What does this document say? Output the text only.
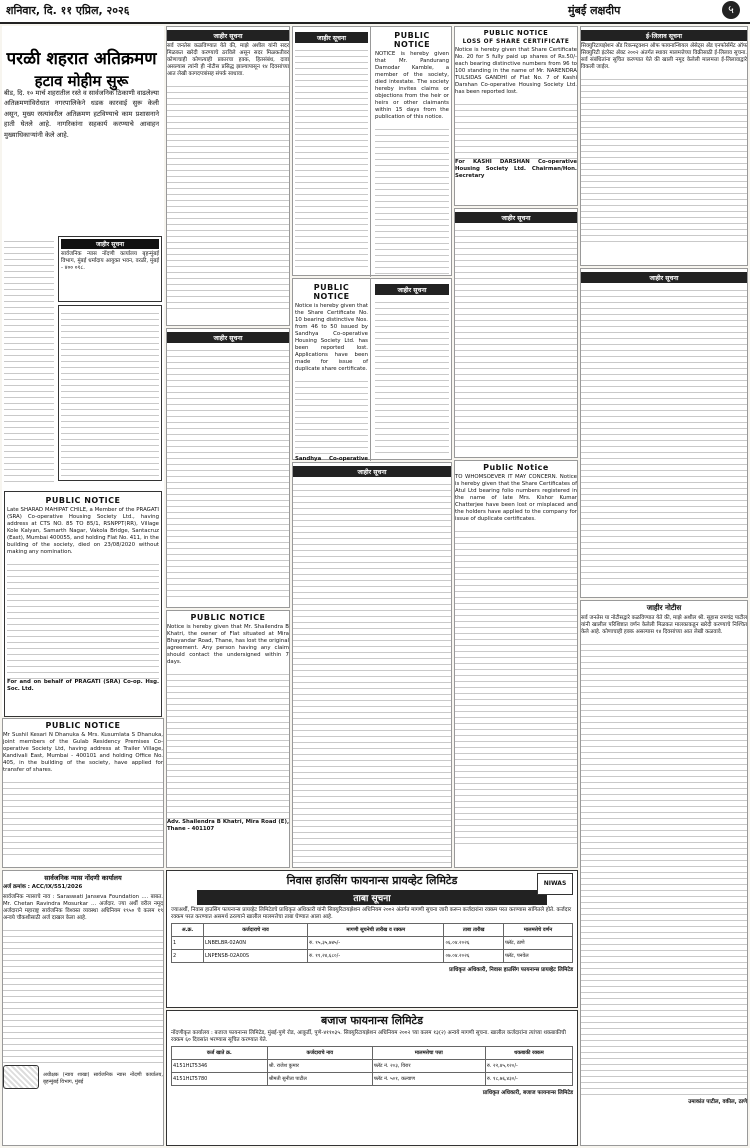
शनिवार, दि. ११ एप्रिल, २०२६	मुंबई लक्षदीप	५
परळी शहरात अतिक्रमण
हटाव मोहीम सुरू
बीड, दि. १० मार्च शहरातील रस्ते व सार्वजनिक ठिकाणी वाढलेल्या अतिक्रमणांविरोधात नगरपालिकेने धडक कारवाई सुरू केली असून, मुख्य रस्त्यांवरील अतिक्रमण हटविण्याचे काम प्रशासनाने हाती घेतले आहे. नागरिकांना सहकार्य करण्याचे आवाहन मुख्याधिकाऱ्यांनी केले आहे.
जाहीर सूचना

सार्वजनिक न्यास नोंदणी कार्यालय बृहन्मुंबई विभाग, मुंबई धर्मादाय आयुक्त भवन, वरळी, मुंबई - ४०० ०१८.

PUBLIC NOTICE

Late SHARAD MAHIPAT CHILE, a Member of the PRAGATI (SRA) Co-operative Housing Society Ltd., having address at CTS NO. 85 TO 85/1, RSNPPT(RR), Village Kole Kalyan, Samarth Nagar, Vakola Bridge, Santacruz (East), Mumbai 400055, and holding Flat No. 411, in the building of the society, died on 23/08/2020 without making any nomination.

For and on behalf of PRAGATI (SRA) Co-op. Hsg. Soc. Ltd.

PUBLIC NOTICE

Mr Sushil Kesari N Dhanuka & Mrs. Kusumlata S Dhanuka, joint members of the Gulab Residency Premises Co-operative Society Ltd, having address at Trailer Village, Kandivali East, Mumbai - 400101 and holding Office No. 405, in the building of the society, have applied for transfer of shares.

जाहीर सूचना

सर्व जनतेस कळविण्यात येते की, माझे अशील यांनी सदर मिळकत खरेदी करण्याचे ठरविले असून सदर मिळकतीवर कोणाचाही कोणत्याही प्रकारचा हक्क, हितसंबंध, दावा असल्यास त्यांनी ही नोटीस प्रसिद्ध झाल्यापासून १४ दिवसांच्या आत लेखी कागदपत्रांसह संपर्क साधावा.

जाहीर सूचना
PUBLIC NOTICE

Notice is hereby given that Mr. Shailendra B Khatri, the owner of Flat situated at Mira Bhayandar Road, Thane, has lost the original agreement. Any person having any claim should contact the undersigned within 7 days.

Adv. Shailendra B Khatri, Mira Road (E), Thane - 401107

जाहीर सूचना	PUBLIC NOTICE

NOTICE is hereby given that Mr. Pandurang Damodar Kamble, a member of the society, died intestate. The society hereby invites claims or objections from the heir or heirs or other claimants within 15 days from the publication of this notice.

PUBLIC NOTICE

Notice is hereby given that the Share Certificate No. 10 bearing distinctive Nos. from 46 to 50 issued by Sandhya Co-operative Housing Society Ltd. has been reported lost. Applications have been made for issue of duplicate share certificate.

Sandhya Co-operative

जाहीर सूचना
जाहीर सूचना
PUBLIC NOTICE
LOSS OF SHARE CERTIFICATE

Notice is hereby given that Share Certificate No. 20 for 5 fully paid up shares of Rs.50/- each bearing distinctive numbers from 96 to 100 standing in the name of Mr. NARENDRA TULSIDAS GANDHI of Flat No. 7 of Kashi Darshan Co-operative Housing Society Ltd. has been reported lost.

For KASHI DARSHAN Co-operative Housing Society Ltd. Chairman/Hon. Secretary

जाहीर सूचना
Public Notice

TO WHOMSOEVER IT MAY CONCERN. Notice is hereby given that the Share Certificates of Atul Ltd bearing folio numbers registered in the name of late Mrs. Kishor Kumar Chatterjee have been lost or misplaced and the holders have applied to the company for issue of duplicate certificates.

ई-लिलाव सूचना

सिक्युरिटायझेशन अँड रिकन्स्ट्रक्शन ऑफ फायनान्शियल ॲसेट्स अँड एनफोर्समेंट ऑफ सिक्युरिटी इंटरेस्ट ॲक्ट २००२ अंतर्गत स्थावर मालमत्तेच्या विक्रीसाठी ई-लिलाव सूचना. सर्व संबंधितांना सूचित करण्यात येते की खाली नमूद केलेली मालमत्ता ई-लिलावाद्वारे विकली जाईल.

जाहीर सूचना
जाहीर नोटीस

सर्व जनतेस या नोटीसद्वारे कळविण्यात येते की, माझे अशील श्री. सुहास रामचंद्र पाटील यांनी खालील परिशिष्टात वर्णन केलेली मिळकत मालकाकडून खरेदी करण्याचे निश्चित केले आहे. कोणाचाही हक्क असल्यास १४ दिवसांच्या आत लेखी कळवावे.

उमाकांत पाटील, वकील, ठाणे

सार्वजनिक न्यास नोंदणी कार्यालय

अर्ज क्रमांक : ACC/IX/551/2026

सार्वजनिक न्यासाचे नाव : Saraswati Janseva Foundation .... बाबत. Mr. Chetan Ravindra Mosurkar ... अर्जदार. ज्या अर्थी वरील नमूद अर्जदाराने महाराष्ट्र सार्वजनिक विश्वस्त व्यवस्था अधिनियम १९५० चे कलम १९ अन्वये चौकशीसाठी अर्ज दाखल केला आहे.

अधीक्षक (न्याय शाखा) सार्वजनिक न्यास नोंदणी कार्यालय, बृहन्मुंबई विभाग, मुंबई

निवास हाउसिंग फायनान्स प्रायव्हेट लिमिटेड	NIWAS
ताबा सूचना

ज्याअर्थी, निवास हाउसिंग फायनान्स प्रायव्हेट लिमिटेडचे प्राधिकृत अधिकारी यांनी सिक्युरिटायझेशन अधिनियम २००२ अंतर्गत मागणी सूचना जारी करून कर्जदारांना रक्कम परत करण्यास सांगितले होते. कर्जदार रक्कम परत करण्यात असमर्थ ठरल्याने खालील मालमत्तेचा ताबा घेण्यात आला आहे.

अ.क्र.	कर्जदाराचे नाव	मागणी सूचनेची तारीख व रक्कम	ताबा तारीख	मालमत्तेचे वर्णन
1	LNBELBR-02A0N	रु. १५,३५,७४५/-	०६.०४.२०२६	फ्लॅट, ठाणे
2	LNPENSB-02A00S	रु. ११,२४,६८०/-	०७.०४.२०२६	फ्लॅट, पनवेल

प्राधिकृत अधिकारी, निवास हाउसिंग फायनान्स प्रायव्हेट लिमिटेड

बजाज फायनान्स लिमिटेड

नोंदणीकृत कार्यालय : बजाज फायनान्स लिमिटेड, मुंबई-पुणे रोड, आकुर्डी, पुणे-४११०३५. सिक्युरिटायझेशन अधिनियम २००२ च्या कलम १३(२) अन्वये मागणी सूचना. खालील कर्जदारांना त्यांच्या थकबाकीची रक्कम ६० दिवसांत भरण्यास सूचित करण्यात येते.

कर्ज खाते क्र.	कर्जदाराचे नाव	मालमत्तेचा पत्ता	थकबाकी रक्कम
4151HLT5346	श्री. राजेश कुमार	फ्लॅट नं. २०३, विरार	रु. २२,४५,१२०/-
4151HLT5780	श्रीमती सुनीता पाटील	फ्लॅट नं. ५०१, कल्याण	रु. १८,७६,४३०/-

प्राधिकृत अधिकारी, बजाज फायनान्स लिमिटेड
